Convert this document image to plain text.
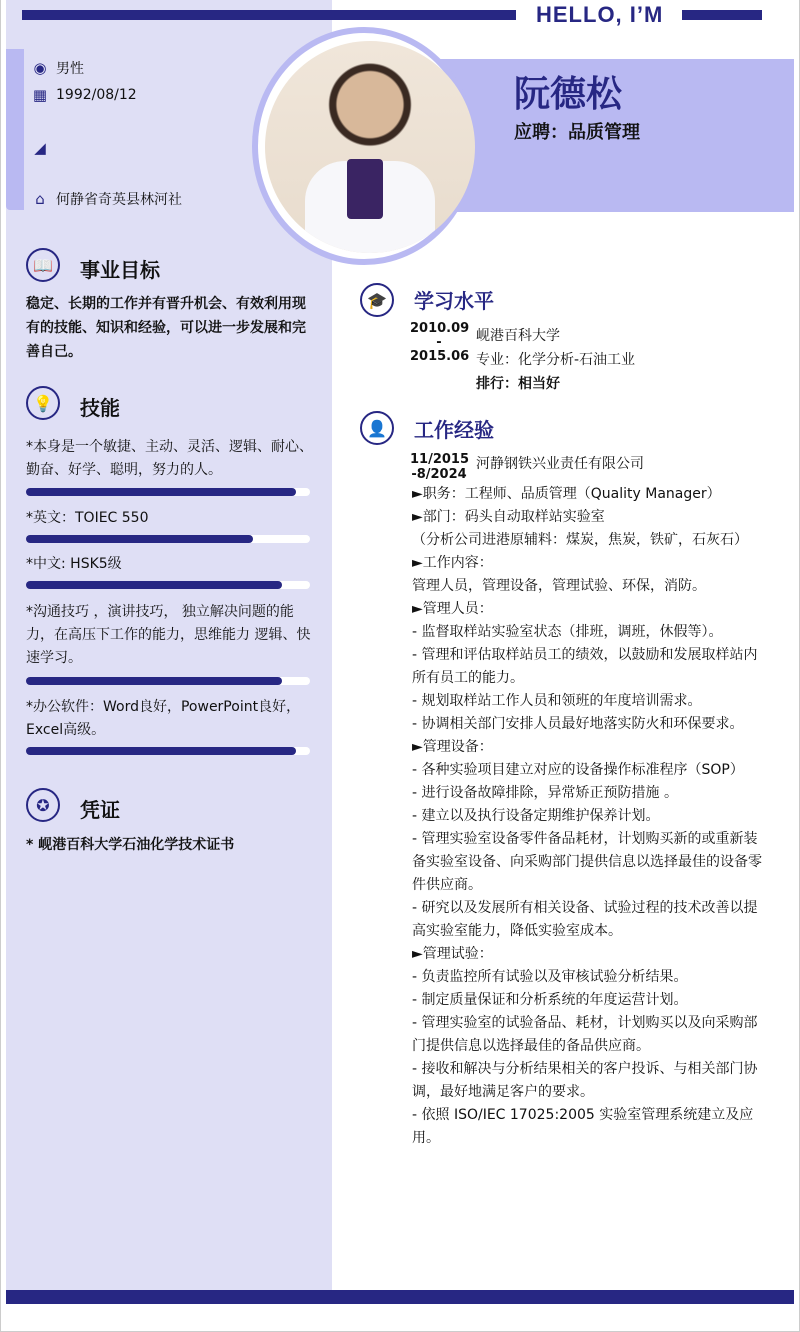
HELLO, I’M
◉ 男性
▦ 1992/08/12
◢
⌂ 何静省奇英县林河社
阮德松
应聘：品质管理
📖	事业目标
稳定、长期的工作并有晋升机会、有效利用现有的技能、知识和经验，可以进一步发展和完善自己。
💡	技能
*本身是一个敏捷、主动、灵活、逻辑、耐心、勤奋、好学、聪明，努力的人。
*英文：TOIEC 550
*中文: HSK5级
*沟通技巧 ，演讲技巧， 独立解决问题的能力，在高压下工作的能力，思维能力 逻辑、快速学习。
*办公软件：Word良好，PowerPoint良好，Excel高级。
✪	凭证
* 岘港百科大学石油化学技术证书
🎓	学习水平
2010.09
-
2015.06
岘港百科大学
专业：化学分析-石油工业
排行：相当好
👤	工作经验
11/2015
-8/2024
河静钢铁兴业责任有限公司
►职务：工程师、品质管理（Quality Manager）
►部门：码头自动取样站实验室
（分析公司进港原辅料：煤炭，焦炭，铁矿，石灰石）
►工作内容：
管理人员，管理设备，管理试验、环保，消防。
►管理人员：
- 监督取样站实验室状态（排班，调班，休假等）。
- 管理和评估取样站员工的绩效，以鼓励和发展取样站内所有员工的能力。
- 规划取样站工作人员和领班的年度培训需求。
- 协调相关部门安排人员最好地落实防火和环保要求。
►管理设备：
- 各种实验项目建立对应的设备操作标准程序（SOP）
- 进行设备故障排除，异常矫正预防措施 。
- 建立以及执行设备定期维护保养计划。
- 管理实验室设备零件备品耗材，计划购买新的或重新装备实验室设备、向采购部门提供信息以选择最佳的设备零件供应商。
- 研究以及发展所有相关设备、试验过程的技术改善以提高实验室能力，降低实验室成本。
►管理试验：
- 负责监控所有试验以及审核试验分析结果。
- 制定质量保证和分析系统的年度运营计划。
- 管理实验室的试验备品、耗材，计划购买以及向采购部门提供信息以选择最佳的备品供应商。
- 接收和解决与分析结果相关的客户投诉、与相关部门协调，最好地满足客户的要求。
- 依照 ISO/IEC 17025:2005 实验室管理系统建立及应用。
